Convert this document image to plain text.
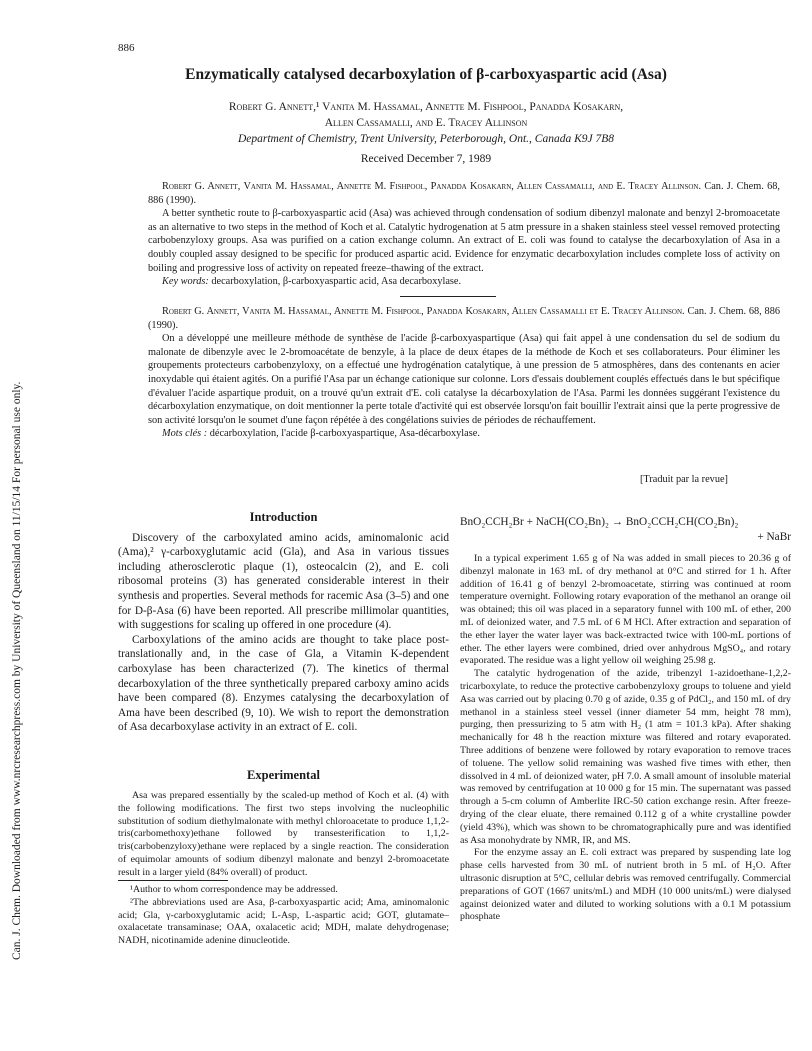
886
Can. J. Chem. Downloaded from www.nrcresearchpress.com by University of Queensland on 11/15/14 For personal use only.
Enzymatically catalysed decarboxylation of β-carboxyaspartic acid (Asa)
Robert G. Annett,¹ Vanita M. Hassamal, Annette M. Fishpool, Panadda Kosakarn,
Allen Cassamalli, and E. Tracey Allinson
Department of Chemistry, Trent University, Peterborough, Ont., Canada K9J 7B8
Received December 7, 1989

Robert G. Annett, Vanita M. Hassamal, Annette M. Fishpool, Panadda Kosakarn, Allen Cassamalli, and E. Tracey Allinson. Can. J. Chem. 68, 886 (1990).

A better synthetic route to β-carboxyaspartic acid (Asa) was achieved through condensation of sodium dibenzyl malonate and benzyl 2-bromoacetate as an alternative to two steps in the method of Koch et al. Catalytic hydrogenation at 5 atm pressure in a shaken stainless steel vessel removed protecting carbobenzyloxy groups. Asa was purified on a cation exchange column. An extract of E. coli was found to catalyse the decarboxylation of Asa in a doubly coupled assay designed to be specific for produced aspartic acid. Evidence for enzymatic decarboxylation includes complete loss of activity on boiling and progressive loss of activity on repeated freeze–thawing of the extract.

Key words: decarboxylation, β-carboxyaspartic acid, Asa decarboxylase.

Robert G. Annett, Vanita M. Hassamal, Annette M. Fishpool, Panadda Kosakarn, Allen Cassamalli et E. Tracey Allinson. Can. J. Chem. 68, 886 (1990).

On a développé une meilleure méthode de synthèse de l'acide β-carboxyaspartique (Asa) qui fait appel à une condensation du sel de sodium du malonate de dibenzyle avec le 2-bromoacétate de benzyle, à la place de deux étapes de la méthode de Koch et ses collaborateurs. Pour éliminer les groupements protecteurs carbobenzyloxy, on a effectué une hydrogénation catalytique, à une pression de 5 atmosphères, dans des contenants en acier inoxydable qui étaient agités. On a purifié l'Asa par un échange cationique sur colonne. Lors d'essais doublement couplés effectués dans le but spécifique d'évaluer l'acide aspartique produit, on a trouvé qu'un extrait d'E. coli catalyse la décarboxylation de l'Asa. Parmi les données suggérant l'existence du décarboxylation enzymatique, on doit mentionner la perte totale d'activité qui est observée lorsqu'on fait bouillir l'extrait ainsi que la perte progressive de son activité lorsqu'on le soumet d'une façon répétée à des congélations suivies de périodes de réchauffement.

Mots clés : décarboxylation, l'acide β-carboxyaspartique, Asa-décarboxylase.

[Traduit par la revue]
Introduction

Discovery of the carboxylated amino acids, aminomalonic acid (Ama),² γ-carboxyglutamic acid (Gla), and Asa in various tissues including atherosclerotic plaque (1), osteocalcin (2), and E. coli ribosomal proteins (3) has generated considerable interest in their synthesis and properties. Several methods for racemic Asa (3–5) and one for D-β-Asa (6) have been reported. All prescribe millimolar quantities, with suggestions for scaling up offered in one procedure (4).

Carboxylations of the amino acids are thought to take place post-translationally and, in the case of Gla, a Vitamin K-dependent carboxylase has been characterized (7). The kinetics of thermal decarboxylation of the three synthetically prepared carboxy amino acids have been compared (8). Enzymes catalysing the decarboxylation of Ama have been described (9, 10). We wish to report the demonstration of Asa decarboxylase activity in an extract of E. coli.

Experimental

Asa was prepared essentially by the scaled-up method of Koch et al. (4) with the following modifications. The first two steps involving the nucleophilic substitution of sodium diethylmalonate with methyl chloroacetate to produce 1,1,2-tris(carbomethoxy)ethane followed by transesterification to 1,1,2-tris(carbobenzyloxy)ethane were replaced by a single reaction. The consideration of equimolar amounts of sodium dibenzyl malonate and benzyl 2-bromoacetate result in a larger yield (84% overall) of product.

¹Author to whom correspondence may be addressed.

²The abbreviations used are Asa, β-carboxyaspartic acid; Ama, aminomalonic acid; Gla, γ-carboxyglutamic acid; L-Asp, L-aspartic acid; GOT, glutamate–oxalacetate transaminase; OAA, oxalacetic acid; MDH, malate dehydrogenase; NADH, nicotinamide adenine dinucleotide.

BnO₂CCH₂Br + NaCH(CO₂Bn)₂ → BnO₂CCH₂CH(CO₂Bn)₂
+ NaBr

In a typical experiment 1.65 g of Na was added in small pieces to 20.36 g of dibenzyl malonate in 163 mL of dry methanol at 0°C and stirred for 1 h. After addition of 16.41 g of benzyl 2-bromoacetate, stirring was continued at room temperature overnight. Following rotary evaporation of the methanol an orange oil was obtained; this oil was placed in a separatory funnel with 100 mL of ether, 200 mL of deionized water, and 7.5 mL of 6 M HCl. After extraction and separation of the ether layer the water layer was back-extracted twice with 100-mL portions of ether. The ether layers were combined, dried over anhydrous MgSO₄, and rotary evaporated. The residue was a light yellow oil weighing 25.98 g.

The catalytic hydrogenation of the azide, tribenzyl 1-azidoethane-1,2,2-tricarboxylate, to reduce the protective carbobenzyloxy groups to toluene and yield Asa was carried out by placing 0.70 g of azide, 0.35 g of PdCl₂, and 150 mL of dry methanol in a stainless steel vessel (inner diameter 54 mm, height 78 mm), purging, then pressurizing to 5 atm with H₂ (1 atm = 101.3 kPa). After shaking mechanically for 48 h the reaction mixture was filtered and rotary evaporated. Three additions of benzene were followed by rotary evaporation to remove traces of toluene. The yellow solid remaining was washed five times with ether, then dissolved in 4 mL of deionized water, pH 7.0. A small amount of insoluble material was removed by centrifugation at 10 000 g for 15 min. The supernatant was passed through a 5-cm column of Amberlite IRC-50 cation exchange resin. After freeze-drying of the clear eluate, there remained 0.112 g of a white crystalline powder (yield 43%), which was shown to be chromatographically pure and was identified as Asa monohydrate by NMR, IR, and MS.

For the enzyme assay an E. coli extract was prepared by suspending late log phase cells harvested from 30 mL of nutrient broth in 5 mL of H₂O. After ultrasonic disruption at 5°C, cellular debris was removed centrifugally. Commercial preparations of GOT (1667 units/mL) and MDH (10 000 units/mL) were dialysed against deionized water and diluted to working solutions with a 0.1 M potassium phosphate
